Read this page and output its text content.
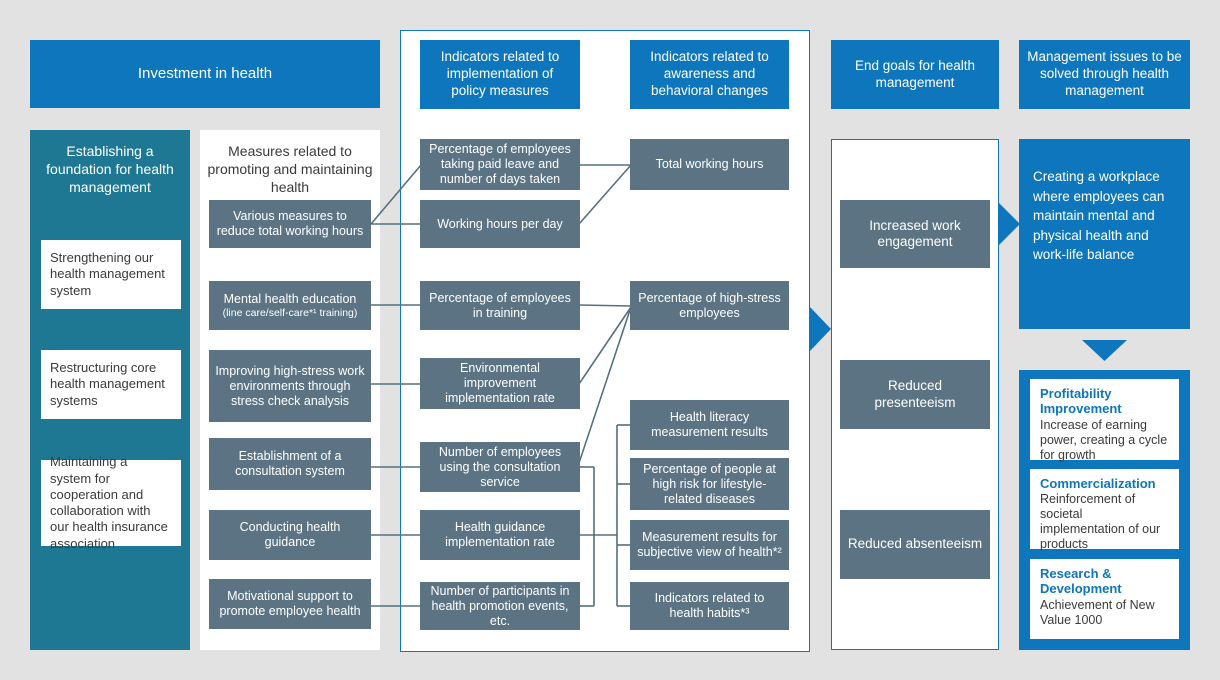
Investment in health
Indicators related to implementation of policy measures
Indicators related to awareness and behavioral changes
End goals for health management
Management issues to be solved through health management
Establishing a foundation for health management
Strengthening our health management system
Restructuring core health management systems
Maintaining a system for cooperation and collaboration with our health insurance association
Measures related to promoting and maintaining health
Various measures to reduce total working hours
Mental health education
(line care/self-care*¹ training)
Improving high-stress work environments through stress check analysis
Establishment of a consultation system
Conducting health guidance
Motivational support to promote employee health
Percentage of employees taking paid leave and number of days taken
Working hours per day
Percentage of employees in training
Environmental improvement implementation rate
Number of employees using the consultation service
Health guidance implementation rate
Number of participants in health promotion events, etc.
Total working hours
Percentage of high-stress employees
Health literacy measurement results
Percentage of people at high risk for lifestyle-related diseases
Measurement results for subjective view of health*²
Indicators related to health habits*³
Increased work engagement
Reduced presenteeism
Reduced absenteeism
Creating a workplace where employees can maintain mental and physical health and work-life balance
Profitability Improvement
Increase of earning power, creating a cycle for growth
Commercialization
Reinforcement of societal implementation of our products
Research & Development
Achievement of New Value 1000
